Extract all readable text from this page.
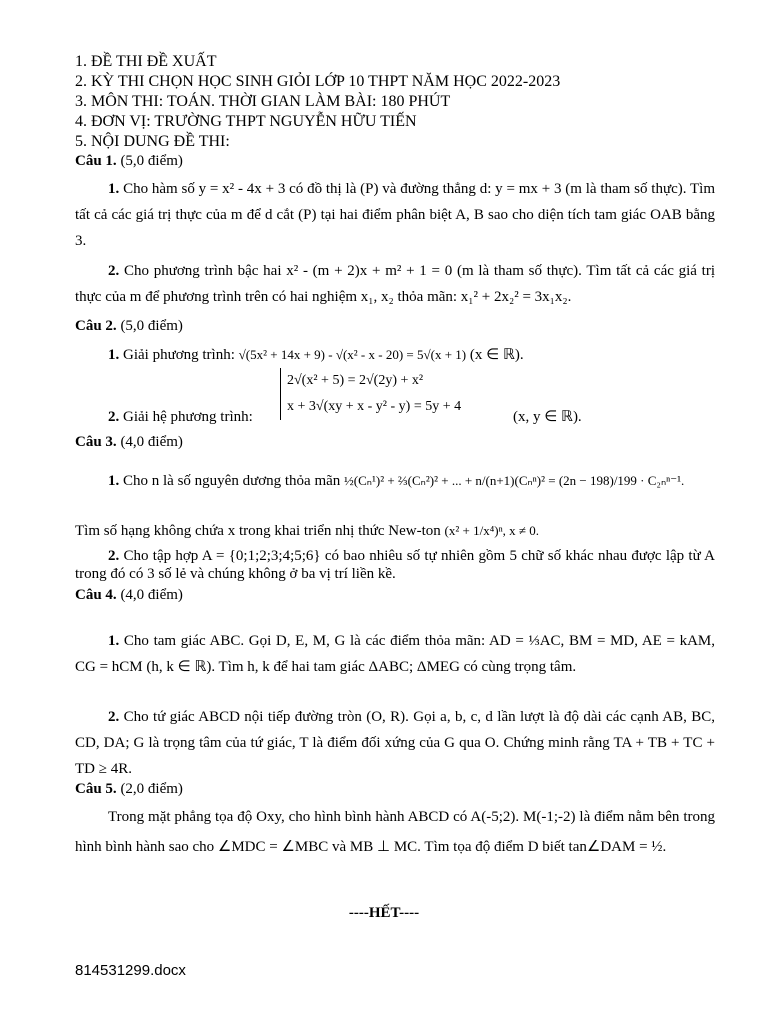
1. ĐỀ THI ĐỀ XUẤT
2. KỲ THI CHỌN HỌC SINH GIỎI LỚP 10 THPT NĂM HỌC 2022-2023
3. MÔN THI: TOÁN. THỜI GIAN LÀM BÀI: 180 PHÚT
4. ĐƠN VỊ: TRƯỜNG THPT NGUYỄN HỮU TIẾN
5. NỘI DUNG ĐỀ THI:
Câu 1. (5,0 điểm)
1. Cho hàm số y = x² - 4x + 3 có đồ thị là (P) và đường thẳng d: y = mx + 3 (m là tham số thực). Tìm tất cả các giá trị thực của m để d cắt (P) tại hai điểm phân biệt A, B sao cho diện tích tam giác OAB bằng 3.
2. Cho phương trình bậc hai x² - (m + 2)x + m² + 1 = 0 (m là tham số thực). Tìm tất cả các giá trị thực của m để phương trình trên có hai nghiệm x₁, x₂ thỏa mãn: x₁² + 2x₂² = 3x₁x₂.
Câu 2. (5,0 điểm)
1. Giải phương trình: √(5x² + 14x + 9) - √(x² - x - 20) = 5√(x + 1) (x ∈ ℝ).
2√(x² + 5) = 2√(2y) + x²
x + 3√(xy + x - y² - y) = 5y + 4
2. Giải hệ phương trình:	(x, y ∈ ℝ).
Câu 3. (4,0 điểm)
1. Cho n là số nguyên dương thỏa mãn ½(Cₙ¹)² + ⅔(Cₙ²)² + ... + n/(n+1)(Cₙⁿ)² = (2n − 198)/199 · C₂ₙⁿ⁻¹.
Tìm số hạng không chứa x trong khai triển nhị thức New-ton (x² + 1/x⁴)ⁿ, x ≠ 0.
2. Cho tập hợp A = {0;1;2;3;4;5;6} có bao nhiêu số tự nhiên gồm 5 chữ số khác nhau được lập từ A trong đó có 3 số lẻ và chúng không ở ba vị trí liền kề.
Câu 4. (4,0 điểm)
1. Cho tam giác ABC. Gọi D, E, M, G là các điểm thỏa mãn: AD = ⅓AC, BM = MD, AE = kAM, CG = hCM (h, k ∈ ℝ). Tìm h, k để hai tam giác ΔABC; ΔMEG có cùng trọng tâm.
2. Cho tứ giác ABCD nội tiếp đường tròn (O, R). Gọi a, b, c, d lần lượt là độ dài các cạnh AB, BC, CD, DA; G là trọng tâm của tứ giác, T là điểm đối xứng của G qua O. Chứng minh rằng TA + TB + TC + TD ≥ 4R.
Câu 5. (2,0 điểm)
Trong mặt phẳng tọa độ Oxy, cho hình bình hành ABCD có A(-5;2). M(-1;-2) là điểm nằm bên trong hình bình hành sao cho ∠MDC = ∠MBC và MB ⊥ MC. Tìm tọa độ điểm D biết tan∠DAM = ½.
----HẾT----
814531299.docx
